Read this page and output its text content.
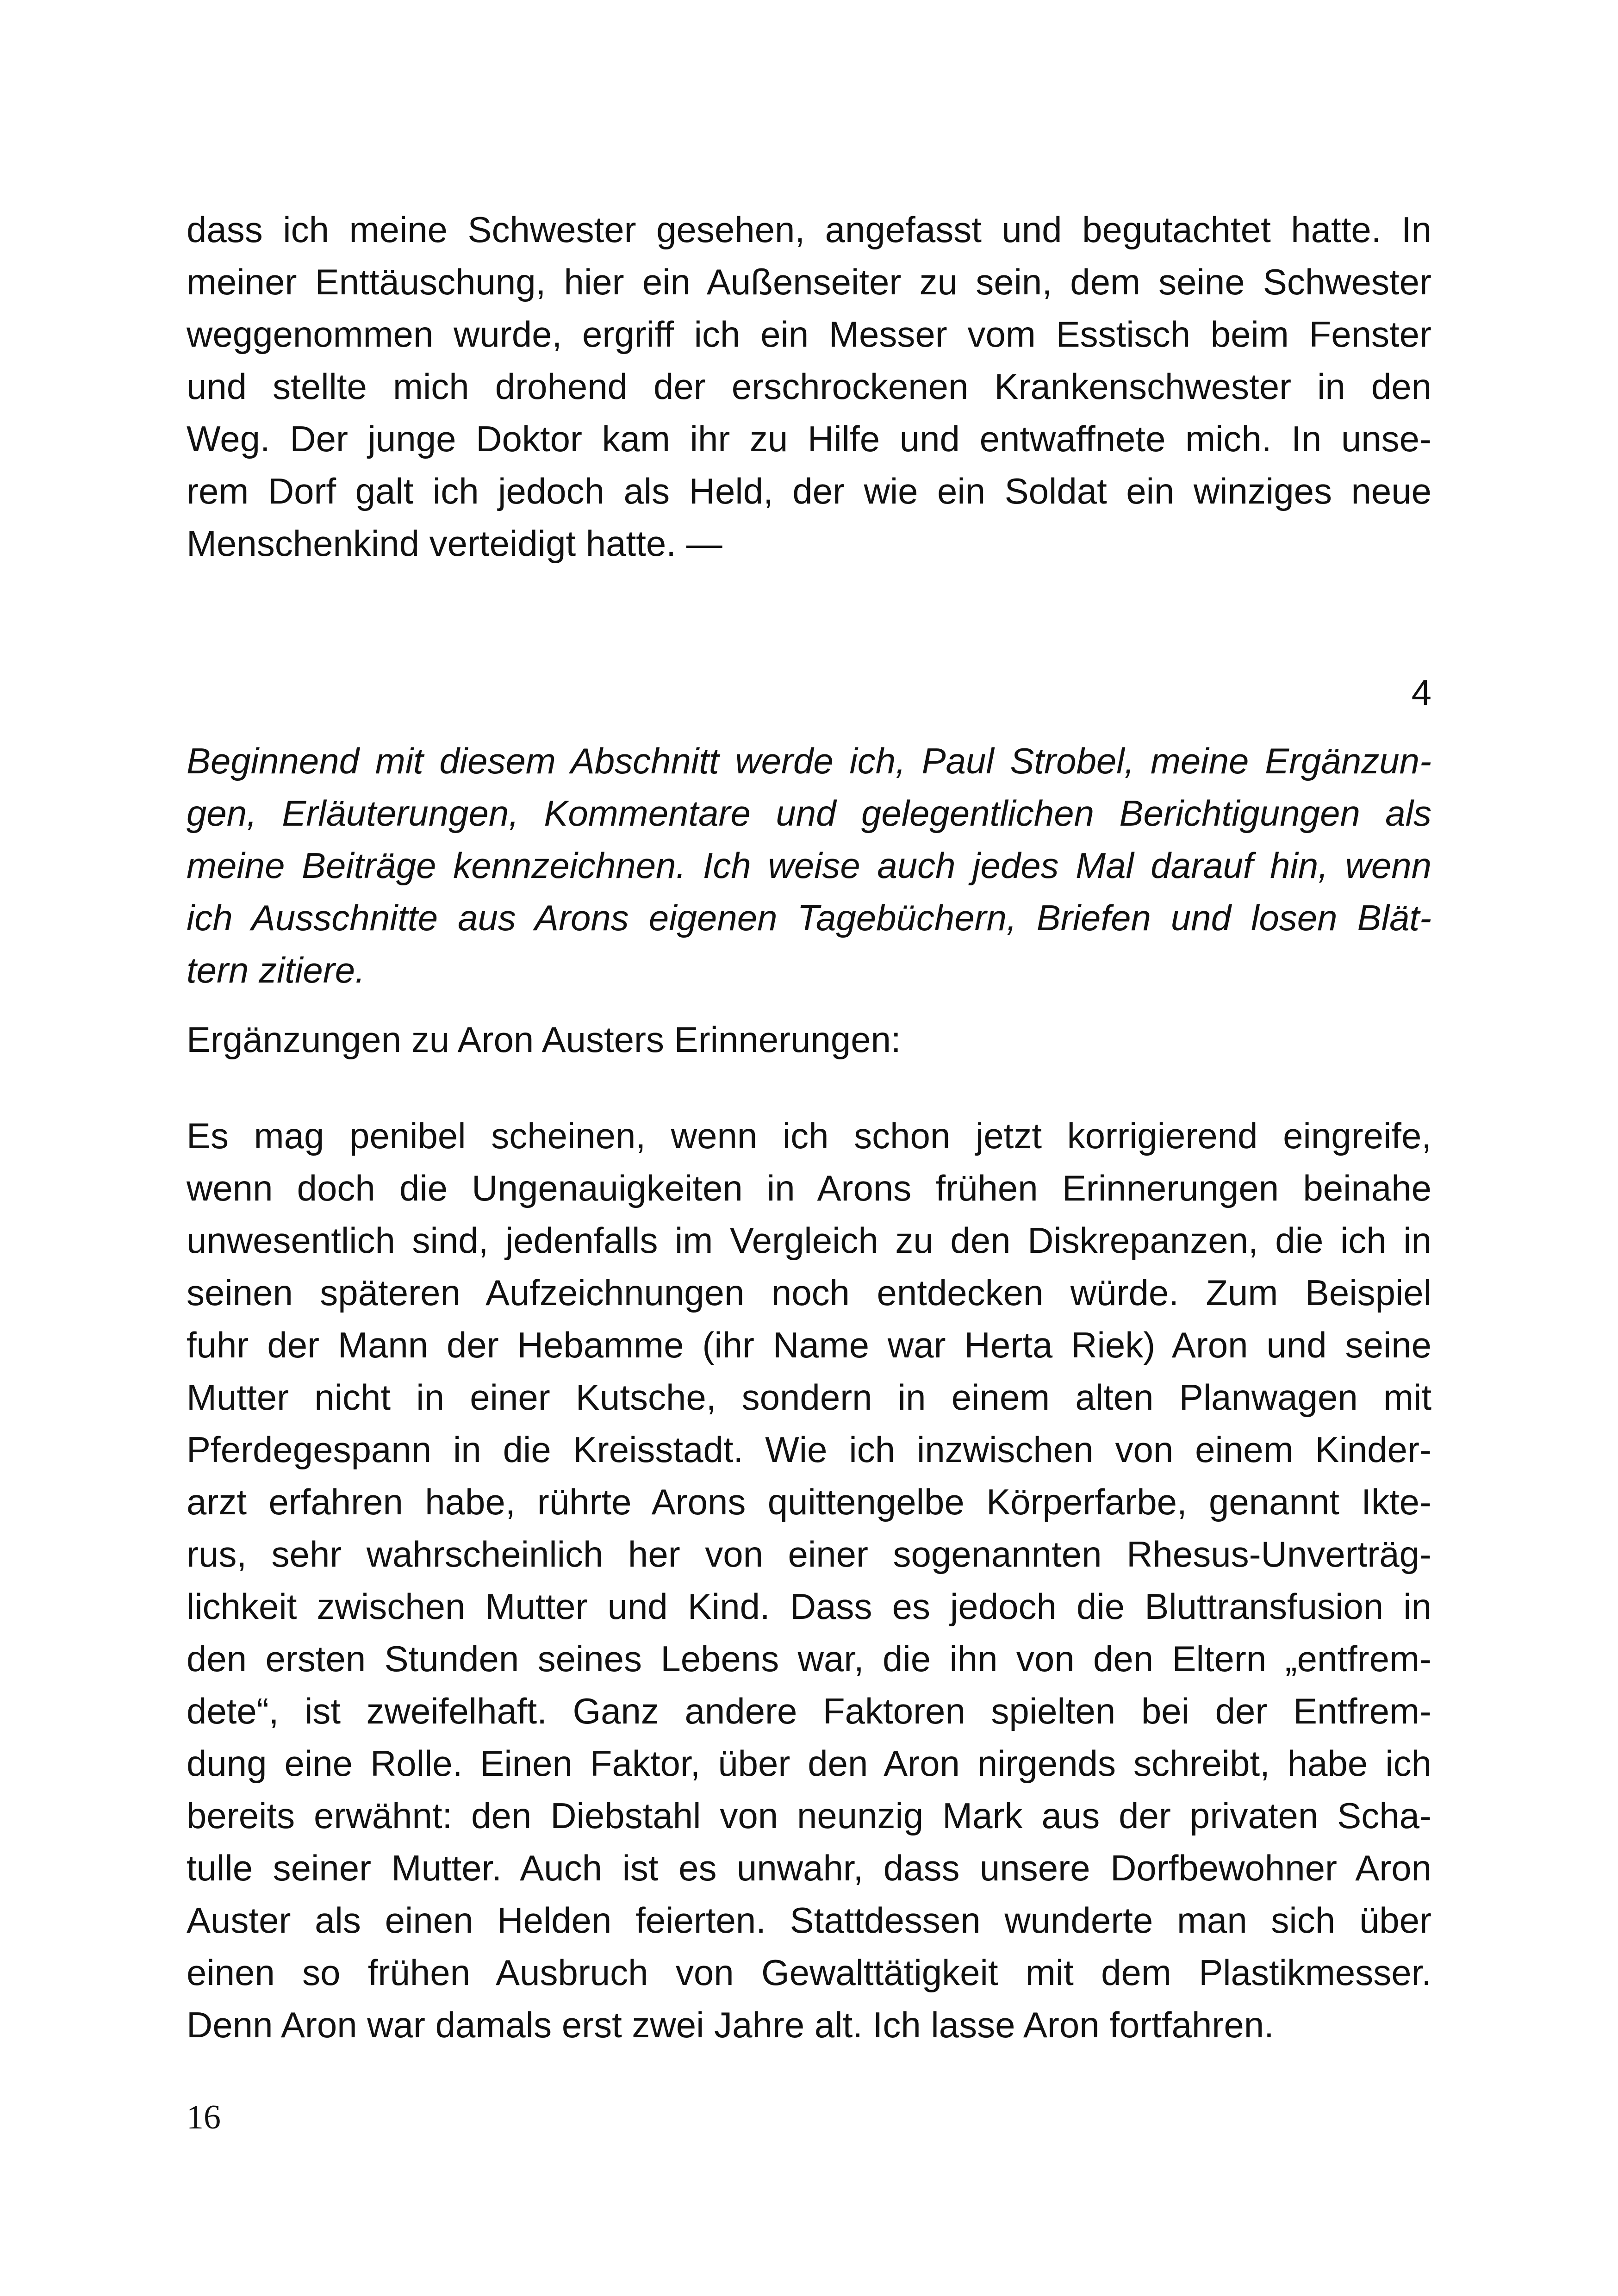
dass ich meine Schwester gesehen, angefasst und begutachtet hatte. In
meiner Enttäuschung, hier ein Außenseiter zu sein, dem seine Schwester
weggenommen wurde, ergriff ich ein Messer vom Esstisch beim Fenster
und stellte mich drohend der erschrockenen Krankenschwester in den
Weg. Der junge Doktor kam ihr zu Hilfe und entwaffnete mich. In unse-
rem Dorf galt ich jedoch als Held, der wie ein Soldat ein winziges neue
Menschenkind verteidigt hatte. —
4
Beginnend mit diesem Abschnitt werde ich, Paul Strobel, meine Ergänzun-
gen, Erläuterungen, Kommentare und gelegentlichen Berichtigungen als
meine Beiträge kennzeichnen. Ich weise auch jedes Mal darauf hin, wenn
ich Ausschnitte aus Arons eigenen Tagebüchern, Briefen und losen Blät-
tern zitiere.
Ergänzungen zu Aron Austers Erinnerungen:
Es mag penibel scheinen, wenn ich schon jetzt korrigierend eingreife,
wenn doch die Ungenauigkeiten in Arons frühen Erinnerungen beinahe
unwesentlich sind, jedenfalls im Vergleich zu den Diskrepanzen, die ich in
seinen späteren Aufzeichnungen noch entdecken würde. Zum Beispiel
fuhr der Mann der Hebamme (ihr Name war Herta Riek) Aron und seine
Mutter nicht in einer Kutsche, sondern in einem alten Planwagen mit
Pferdegespann in die Kreisstadt. Wie ich inzwischen von einem Kinder-
arzt erfahren habe, rührte Arons quittengelbe Körperfarbe, genannt Ikte-
rus, sehr wahrscheinlich her von einer sogenannten Rhesus-Unverträg-
lichkeit zwischen Mutter und Kind. Dass es jedoch die Bluttransfusion in
den ersten Stunden seines Lebens war, die ihn von den Eltern „entfrem-
dete“, ist zweifelhaft. Ganz andere Faktoren spielten bei der Entfrem-
dung eine Rolle. Einen Faktor, über den Aron nirgends schreibt, habe ich
bereits erwähnt: den Diebstahl von neunzig Mark aus der privaten Scha-
tulle seiner Mutter. Auch ist es unwahr, dass unsere Dorfbewohner Aron
Auster als einen Helden feierten. Stattdessen wunderte man sich über
einen so frühen Ausbruch von Gewalttätigkeit mit dem Plastikmesser.
Denn Aron war damals erst zwei Jahre alt. Ich lasse Aron fortfahren.
16
